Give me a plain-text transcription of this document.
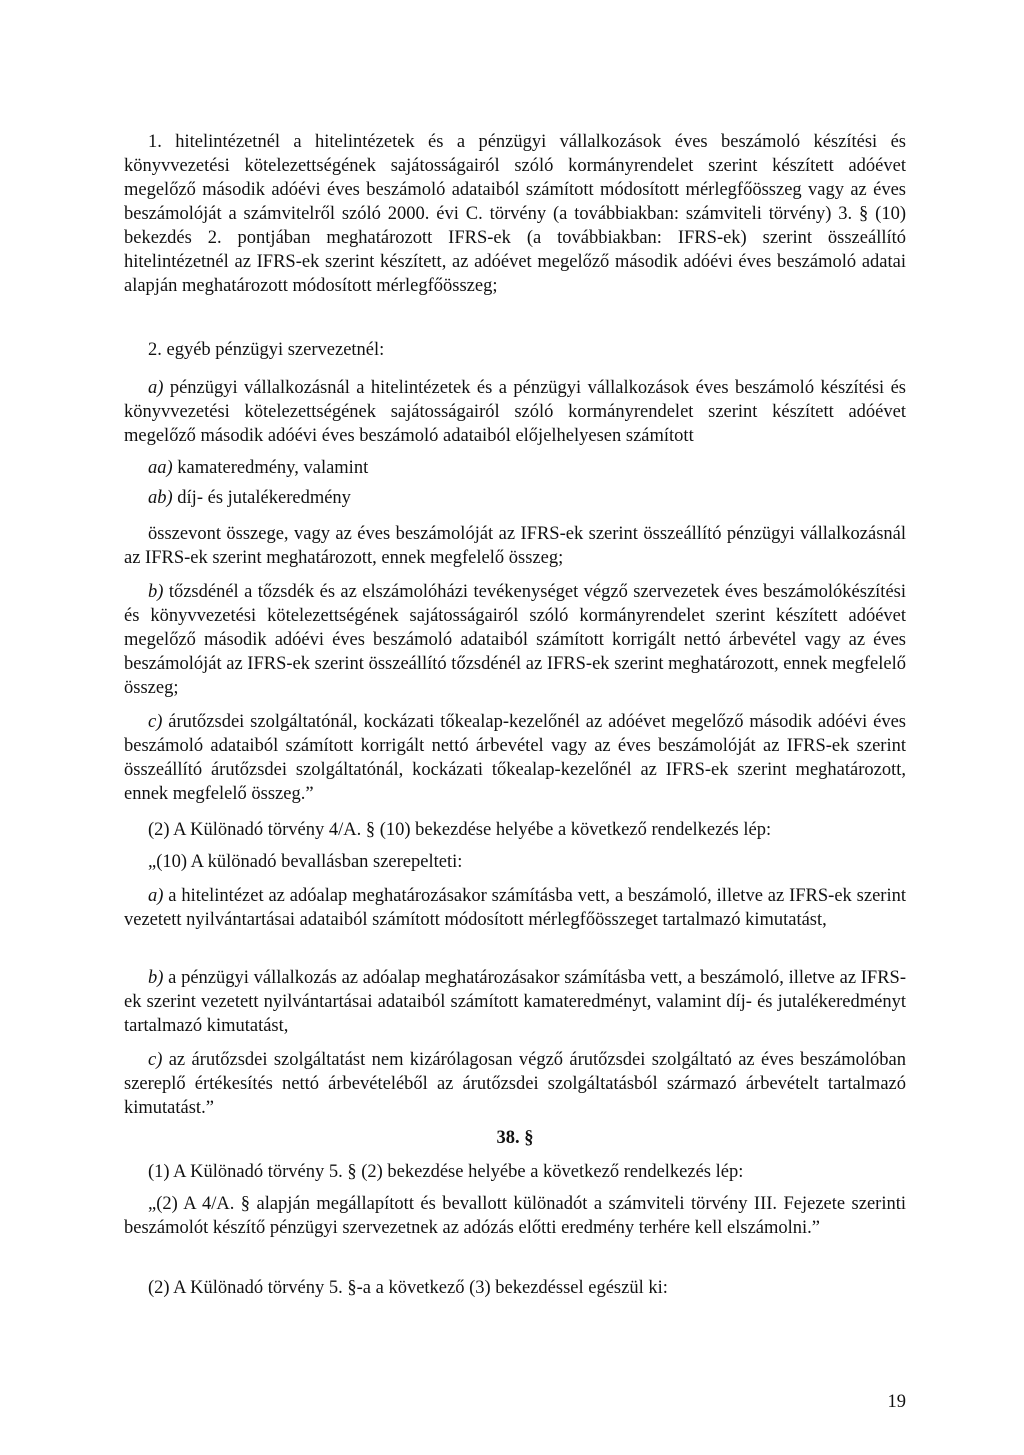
1. hitelintézetnél a hitelintézetek és a pénzügyi vállalkozások éves beszámoló készítési és könyvvezetési kötelezettségének sajátosságairól szóló kormányrendelet szerint készített adóévet megelőző második adóévi éves beszámoló adataiból számított módosított mérlegfőösszeg vagy az éves beszámolóját a számvitelről szóló 2000. évi C. törvény (a továbbiakban: számviteli törvény) 3. § (10) bekezdés 2. pontjában meghatározott IFRS-ek (a továbbiakban: IFRS-ek) szerint összeállító hitelintézetnél az IFRS-ek szerint készített, az adóévet megelőző második adóévi éves beszámoló adatai alapján meghatározott módosított mérlegfőösszeg;

2. egyéb pénzügyi szervezetnél:

a) pénzügyi vállalkozásnál a hitelintézetek és a pénzügyi vállalkozások éves beszámoló készítési és könyvvezetési kötelezettségének sajátosságairól szóló kormányrendelet szerint készített adóévet megelőző második adóévi éves beszámoló adataiból előjelhelyesen számított

aa) kamateredmény, valamint

ab) díj- és jutalékeredmény

összevont összege, vagy az éves beszámolóját az IFRS-ek szerint összeállító pénzügyi vállalkozásnál az IFRS-ek szerint meghatározott, ennek megfelelő összeg;

b) tőzsdénél a tőzsdék és az elszámolóházi tevékenységet végző szervezetek éves beszámolókészítési és könyvvezetési kötelezettségének sajátosságairól szóló kormányrendelet szerint készített adóévet megelőző második adóévi éves beszámoló adataiból számított korrigált nettó árbevétel vagy az éves beszámolóját az IFRS-ek szerint összeállító tőzsdénél az IFRS-ek szerint meghatározott, ennek megfelelő összeg;

c) árutőzsdei szolgáltatónál, kockázati tőkealap-kezelőnél az adóévet megelőző második adóévi éves beszámoló adataiból számított korrigált nettó árbevétel vagy az éves beszámolóját az IFRS-ek szerint összeállító árutőzsdei szolgáltatónál, kockázati tőkealap-kezelőnél az IFRS-ek szerint meghatározott, ennek megfelelő összeg.”

(2) A Különadó törvény 4/A. § (10) bekezdése helyébe a következő rendelkezés lép:

„(10) A különadó bevallásban szerepelteti:

a) a hitelintézet az adóalap meghatározásakor számításba vett, a beszámoló, illetve az IFRS-ek szerint vezetett nyilvántartásai adataiból számított módosított mérlegfőösszeget tartalmazó kimutatást,

b) a pénzügyi vállalkozás az adóalap meghatározásakor számításba vett, a beszámoló, illetve az IFRS-ek szerint vezetett nyilvántartásai adataiból számított kamateredményt, valamint díj- és jutalékeredményt tartalmazó kimutatást,

c) az árutőzsdei szolgáltatást nem kizárólagosan végző árutőzsdei szolgáltató az éves beszámolóban szereplő értékesítés nettó árbevételéből az árutőzsdei szolgáltatásból származó árbevételt tartalmazó kimutatást.”

38. §

(1) A Különadó törvény 5. § (2) bekezdése helyébe a következő rendelkezés lép:

„(2) A 4/A. § alapján megállapított és bevallott különadót a számviteli törvény III. Fejezete szerinti beszámolót készítő pénzügyi szervezetnek az adózás előtti eredmény terhére kell elszámolni.”

(2) A Különadó törvény 5. §-a a következő (3) bekezdéssel egészül ki:

19
